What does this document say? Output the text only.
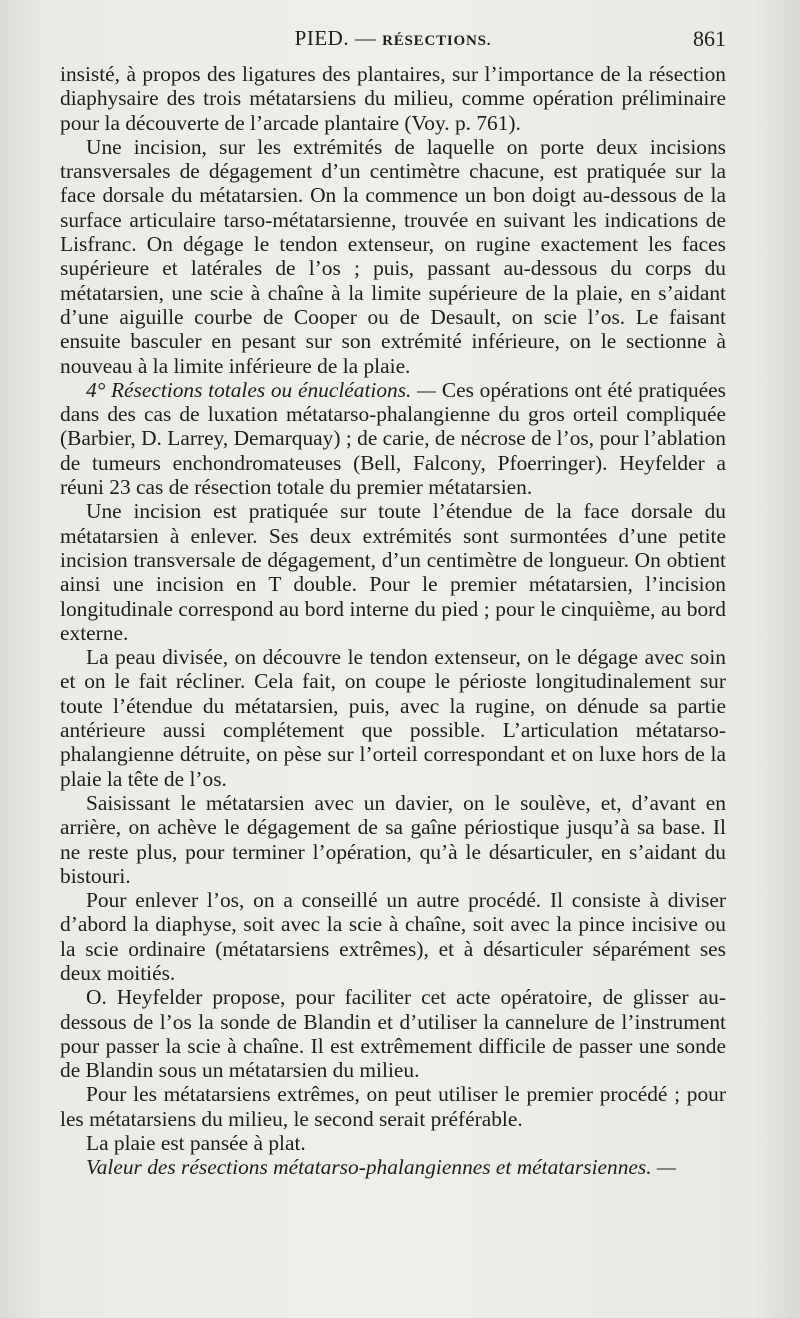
PIED. — RÉSECTIONS.	861

insisté, à propos des ligatures des plantaires, sur l’importance de la résection diaphysaire des trois métatarsiens du milieu, comme opération préliminaire pour la découverte de l’arcade plantaire (Voy. p. 761).

Une incision, sur les extrémités de laquelle on porte deux incisions transversales de dégagement d’un centimètre chacune, est pratiquée sur la face dorsale du métatarsien. On la commence un bon doigt au-dessous de la surface articulaire tarso-métatarsienne, trouvée en suivant les indications de Lisfranc. On dégage le tendon extenseur, on rugine exactement les faces supérieure et latérales de l’os ; puis, passant au-dessous du corps du métatarsien, une scie à chaîne à la limite supérieure de la plaie, en s’aidant d’une aiguille courbe de Cooper ou de Desault, on scie l’os. Le faisant ensuite basculer en pesant sur son extrémité inférieure, on le sectionne à nouveau à la limite inférieure de la plaie.

4° Résections totales ou énucléations. — Ces opérations ont été pratiquées dans des cas de luxation métatarso-phalangienne du gros orteil compliquée (Barbier, D. Larrey, Demarquay) ; de carie, de nécrose de l’os, pour l’ablation de tumeurs enchondromateuses (Bell, Falcony, Pfoerringer). Heyfelder a réuni 23 cas de résection totale du premier métatarsien.

Une incision est pratiquée sur toute l’étendue de la face dorsale du métatarsien à enlever. Ses deux extrémités sont surmontées d’une petite incision transversale de dégagement, d’un centimètre de longueur. On obtient ainsi une incision en T double. Pour le premier métatarsien, l’incision longitudinale correspond au bord interne du pied ; pour le cinquième, au bord externe.

La peau divisée, on découvre le tendon extenseur, on le dégage avec soin et on le fait récliner. Cela fait, on coupe le périoste longitudinalement sur toute l’étendue du métatarsien, puis, avec la rugine, on dénude sa partie antérieure aussi complétement que possible. L’articulation métatarso-phalangienne détruite, on pèse sur l’orteil correspondant et on luxe hors de la plaie la tête de l’os.

Saisissant le métatarsien avec un davier, on le soulève, et, d’avant en arrière, on achève le dégagement de sa gaîne périostique jusqu’à sa base. Il ne reste plus, pour terminer l’opération, qu’à le désarticuler, en s’aidant du bistouri.

Pour enlever l’os, on a conseillé un autre procédé. Il consiste à diviser d’abord la diaphyse, soit avec la scie à chaîne, soit avec la pince incisive ou la scie ordinaire (métatarsiens extrêmes), et à désarticuler séparément ses deux moitiés.

O. Heyfelder propose, pour faciliter cet acte opératoire, de glisser au-dessous de l’os la sonde de Blandin et d’utiliser la cannelure de l’instrument pour passer la scie à chaîne. Il est extrêmement difficile de passer une sonde de Blandin sous un métatarsien du milieu.

Pour les métatarsiens extrêmes, on peut utiliser le premier procédé ; pour les métatarsiens du milieu, le second serait préférable.

La plaie est pansée à plat.

Valeur des résections métatarso-phalangiennes et métatarsiennes. —
